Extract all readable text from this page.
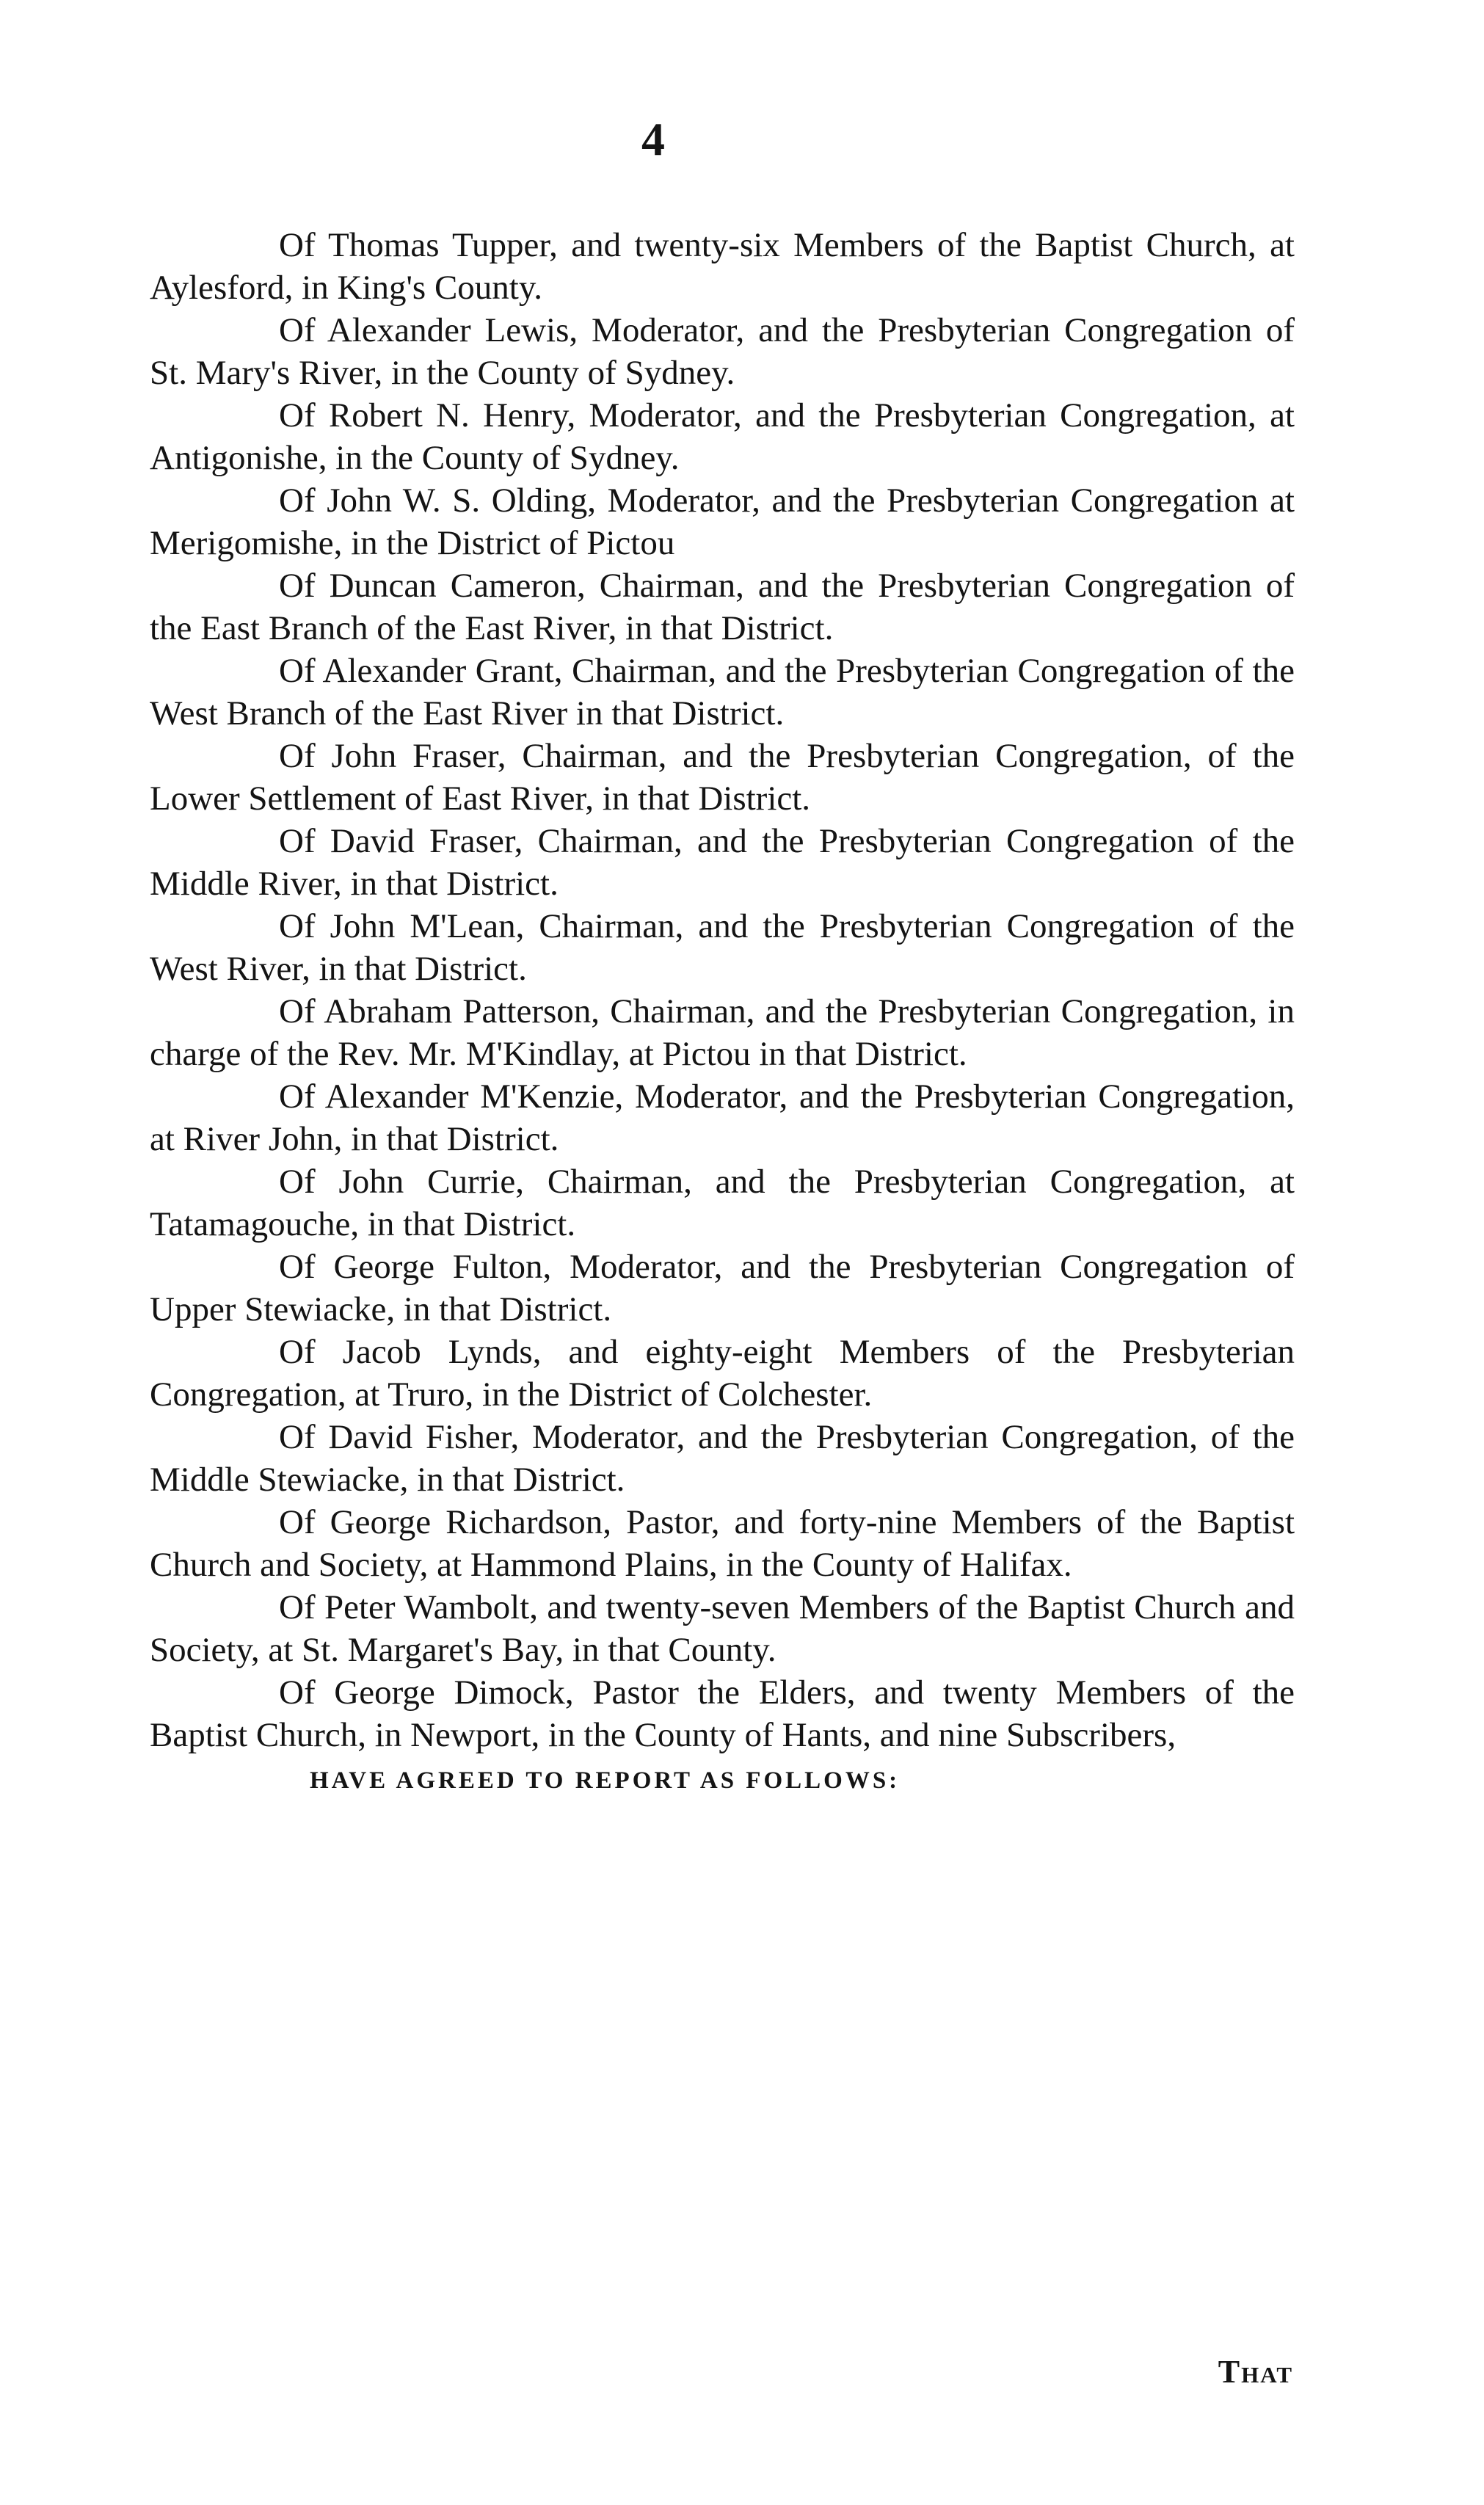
4

Of Thomas Tupper, and twenty-six Members of the Baptist Church, at Aylesford, in King's County.

Of Alexander Lewis, Moderator, and the Presbyterian Congregation of St. Mary's River, in the County of Sydney.

Of Robert N. Henry, Moderator, and the Presbyterian Congregation, at Antigonishe, in the County of Sydney.

Of John W. S. Olding, Moderator, and the Presbyterian Congregation at Merigomishe, in the District of Pictou

Of Duncan Cameron, Chairman, and the Presbyterian Congregation of the East Branch of the East River, in that District.

Of Alexander Grant, Chairman, and the Presbyterian Congregation of the West Branch of the East River in that District.

Of John Fraser, Chairman, and the Presbyterian Congregation, of the Lower Settlement of East River, in that District.

Of David Fraser, Chairman, and the Presbyterian Congregation of the Middle River, in that District.

Of John M'Lean, Chairman, and the Presbyterian Congregation of the West River, in that District.

Of Abraham Patterson, Chairman, and the Presbyterian Congregation, in charge of the Rev. Mr. M'Kindlay, at Pictou in that District.

Of Alexander M'Kenzie, Moderator, and the Presbyterian Congregation, at River John, in that District.

Of John Currie, Chairman, and the Presbyterian Congregation, at Tatamagouche, in that District.

Of George Fulton, Moderator, and the Presbyterian Congregation of Upper Stewiacke, in that District.

Of Jacob Lynds, and eighty-eight Members of the Presbyterian Congregation, at Truro, in the District of Colchester.

Of David Fisher, Moderator, and the Presbyterian Congregation, of the Middle Stewiacke, in that District.

Of George Richardson, Pastor, and forty-nine Members of the Baptist Church and Society, at Hammond Plains, in the County of Halifax.

Of Peter Wambolt, and twenty-seven Members of the Baptist Church and Society, at St. Margaret's Bay, in that County.

Of George Dimock, Pastor the Elders, and twenty Members of the Baptist Church, in Newport, in the County of Hants, and nine Subscribers,

HAVE AGREED TO REPORT AS FOLLOWS:

That
